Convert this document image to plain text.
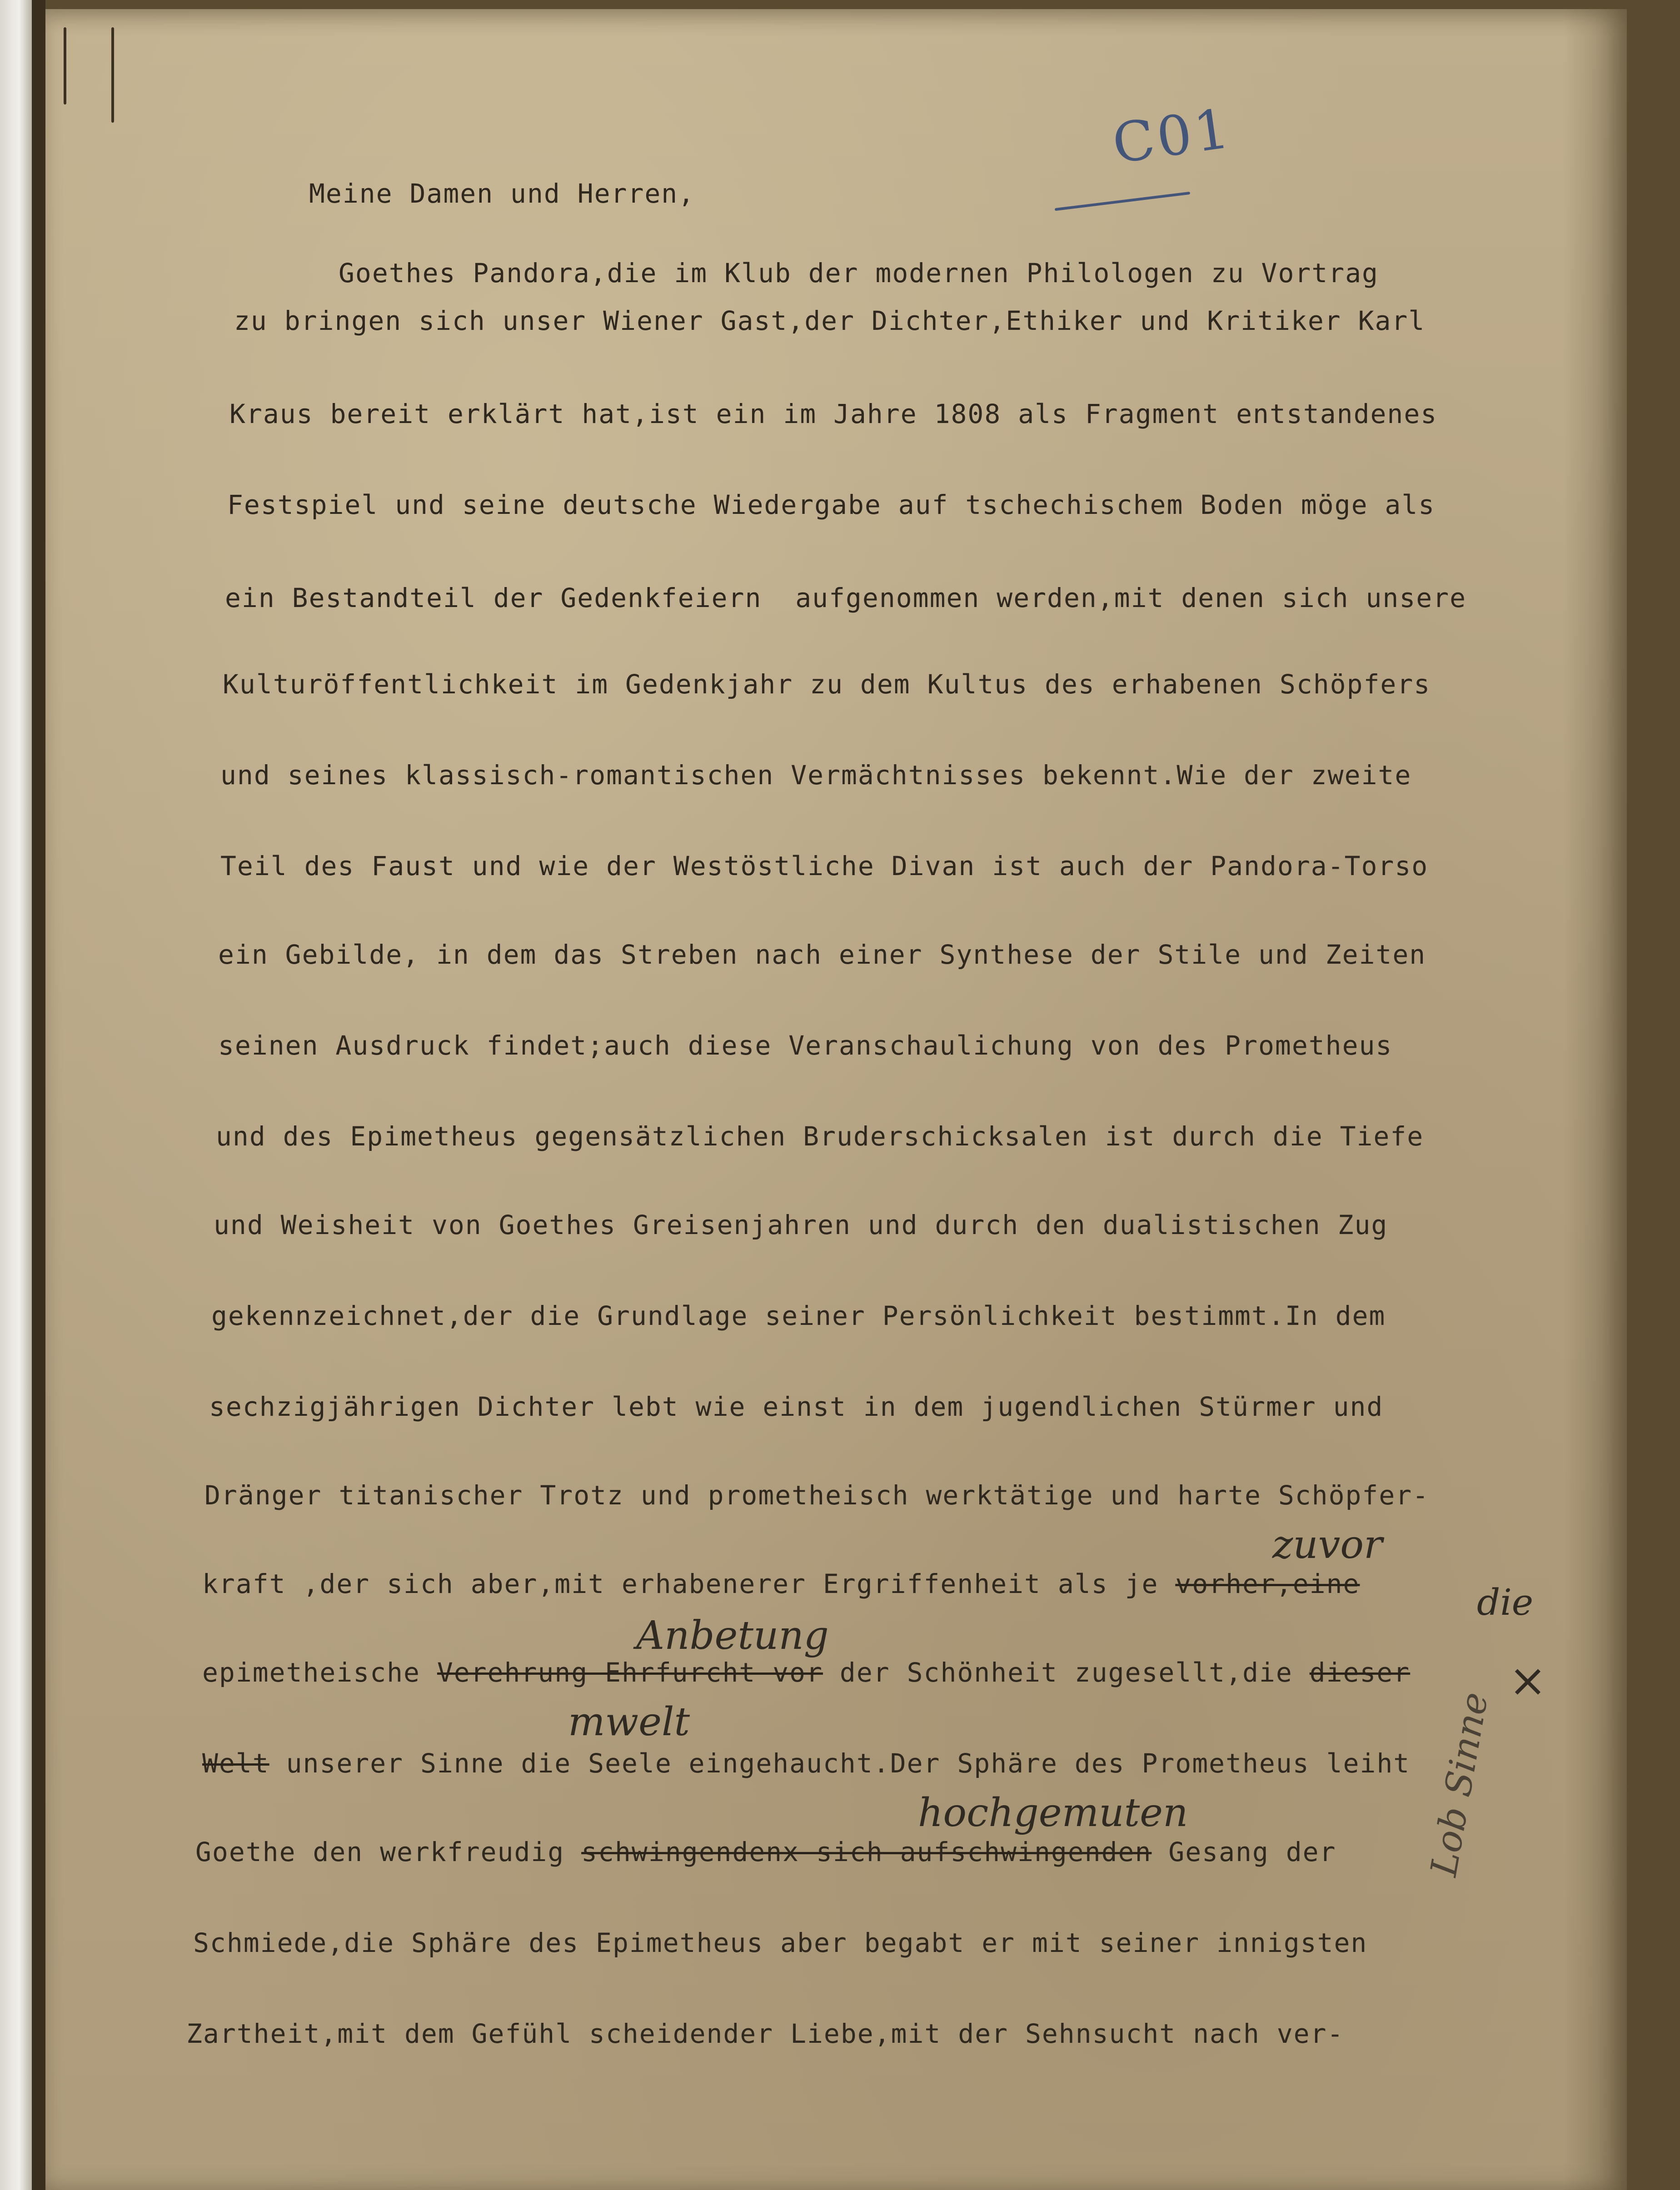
C01

Meine Damen und Herren,

Goethes Pandora,die im Klub der modernen Philologen zu Vortrag

zu bringen sich unser Wiener Gast,der Dichter,Ethiker und Kritiker Karl

Kraus bereit erklärt hat,ist ein im Jahre 1808 als Fragment entstandenes

Festspiel und seine deutsche Wiedergabe auf tschechischem Boden möge als

ein Bestandteil der Gedenkfeiern  aufgenommen werden,mit denen sich unsere

Kulturöffentlichkeit im Gedenkjahr zu dem Kultus des erhabenen Schöpfers

und seines klassisch-romantischen Vermächtnisses bekennt.Wie der zweite

Teil des Faust und wie der Westöstliche Divan ist auch der Pandora-Torso

ein Gebilde, in dem das Streben nach einer Synthese der Stile und Zeiten

seinen Ausdruck findet;auch diese Veranschaulichung von des Prometheus

und des Epimetheus gegensätzlichen Bruderschicksalen ist durch die Tiefe

und Weisheit von Goethes Greisenjahren und durch den dualistischen Zug

gekennzeichnet,der die Grundlage seiner Persönlichkeit bestimmt.In dem

sechzigjährigen Dichter lebt wie einst in dem jugendlichen Stürmer und

Dränger titanischer Trotz und prometheisch werktätige und harte Schöpfer-

kraft ,der sich aber,mit erhabenerer Ergriffenheit als je vorher,eine

zuvor
die
Anbetung

epimetheische Verehrung Ehrfurcht vor der Schönheit zugesellt,die dieser ×
mwelt

Welt unserer Sinne die Seele eingehaucht.Der Sphäre des Prometheus leiht

hochgemuten

Goethe den werkfreudig schwingendenx sich aufschwingenden Gesang der

Schmiede,die Sphäre des Epimetheus aber begabt er mit seiner innigsten

Zartheit,mit dem Gefühl scheidender Liebe,mit der Sehnsucht nach ver-

Lob Sinne
